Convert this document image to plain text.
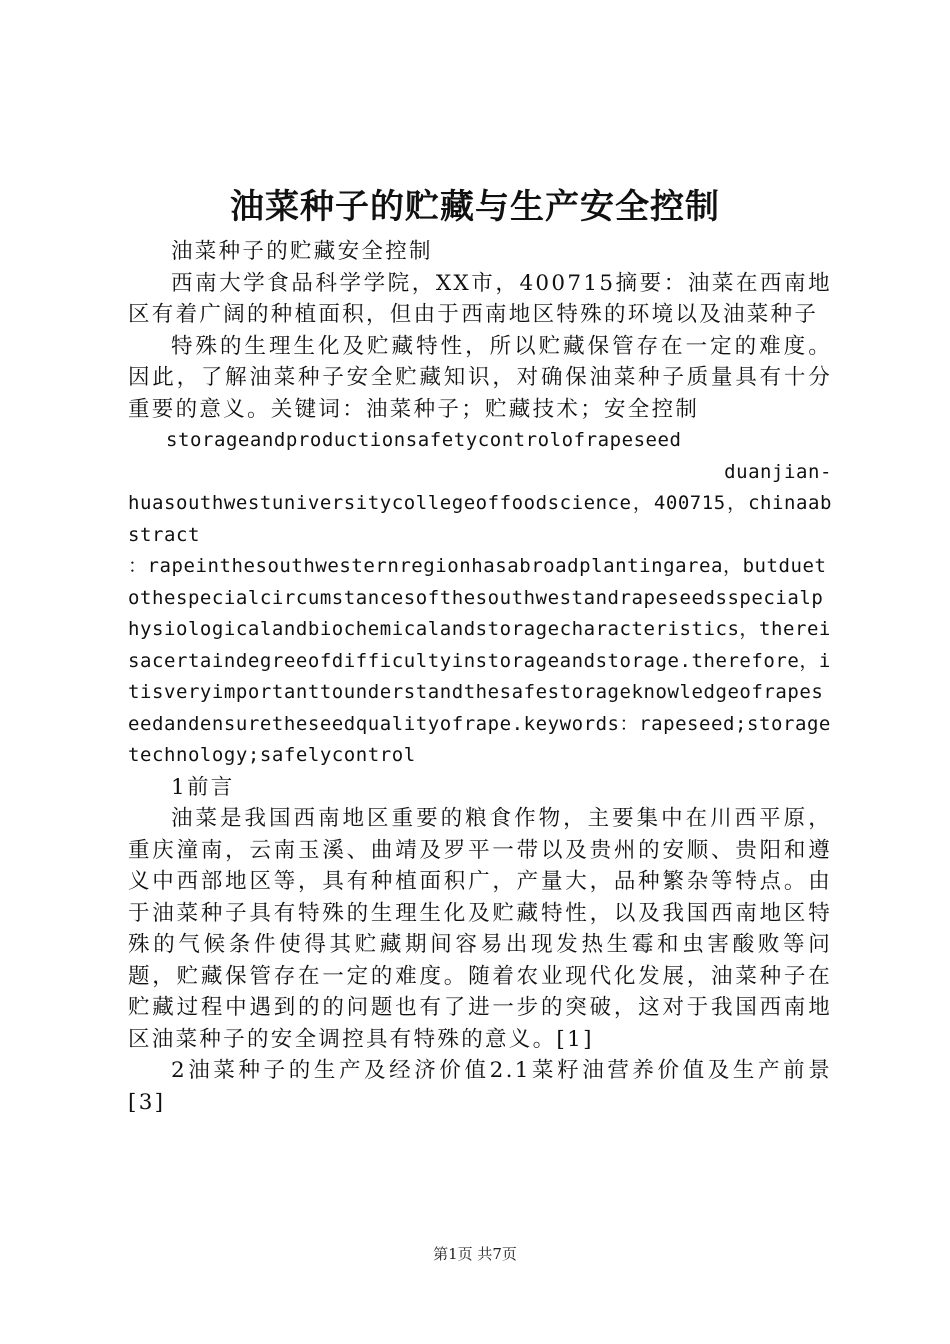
油菜种子的贮藏与生产安全控制

油菜种子的贮藏安全控制

西南大学食品科学学院，XX市，400715摘要：油菜在西南地区有着广阔的种植面积，但由于西南地区特殊的环境以及油菜种子

特殊的生理生化及贮藏特性，所以贮藏保管存在一定的难度。因此，了解油菜种子安全贮藏知识，对确保油菜种子质量具有十分重要的意义。关键词：油菜种子；贮藏技术；安全控制

storageandproductionsafetycontrolofrapeseed

duanjian-

huasouthwestuniversitycollegeoffoodscience，400715，chinaabstract

：rapeinthesouthwesternregionhasabroadplantingarea，butduetothespecialcircumstancesofthesouthwestandrapeseedsspecialphysiologicalandbiochemicalandstoragecharacteristics，thereisacertaindegreeofdifficultyinstorageandstorage.therefore，itisveryimportanttounderstandthesafestorageknowledgeofrapeseedandensuretheseedqualityofrape.keywords：rapeseed;storagetechnology;safelycontrol

1前言

油菜是我国西南地区重要的粮食作物，主要集中在川西平原，重庆潼南，云南玉溪、曲靖及罗平一带以及贵州的安顺、贵阳和遵义中西部地区等，具有种植面积广，产量大，品种繁杂等特点。由于油菜种子具有特殊的生理生化及贮藏特性，以及我国西南地区特殊的气候条件使得其贮藏期间容易出现发热生霉和虫害酸败等问题，贮藏保管存在一定的难度。随着农业现代化发展，油菜种子在贮藏过程中遇到的的问题也有了进一步的突破，这对于我国西南地区油菜种子的安全调控具有特殊的意义。[1]

2油菜种子的生产及经济价值2.1菜籽油营养价值及生产前景[3]

第1页 共7页
